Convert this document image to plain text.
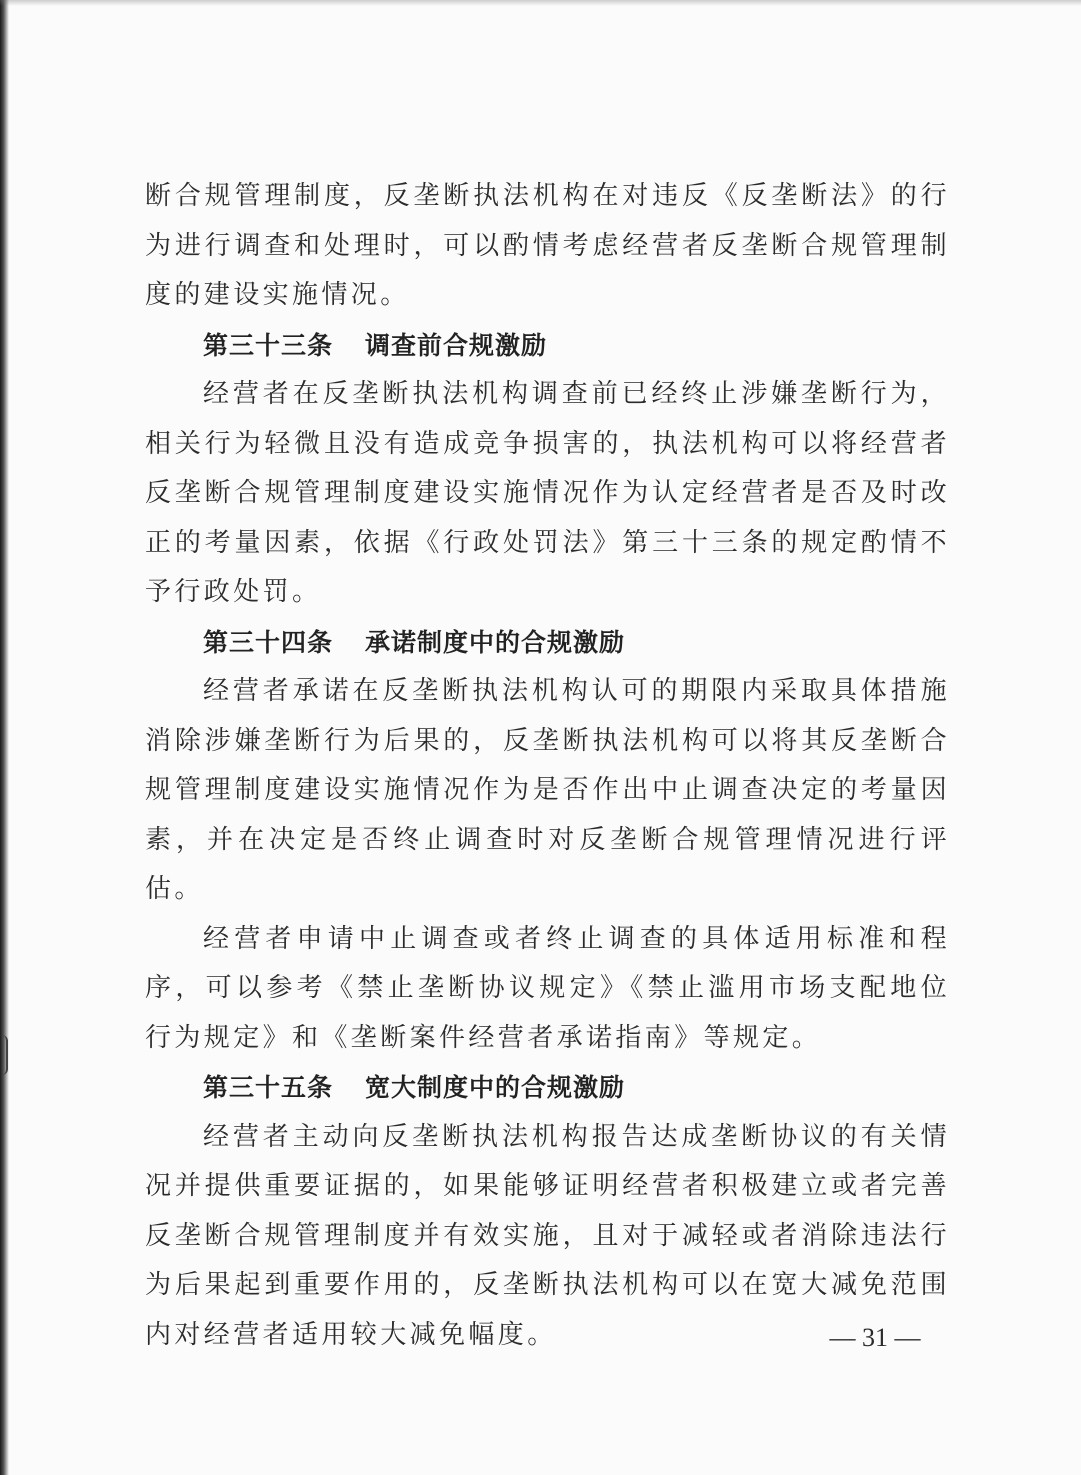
断合规管理制度，反垄断执法机构在对违反《反垄断法》的行为进行调查和处理时，可以酌情考虑经营者反垄断合规管理制度的建设实施情况。

第三十三条 调查前合规激励

经营者在反垄断执法机构调查前已经终止涉嫌垄断行为，相关行为轻微且没有造成竞争损害的，执法机构可以将经营者反垄断合规管理制度建设实施情况作为认定经营者是否及时改正的考量因素，依据《行政处罚法》第三十三条的规定酌情不予行政处罚。

第三十四条 承诺制度中的合规激励

经营者承诺在反垄断执法机构认可的期限内采取具体措施消除涉嫌垄断行为后果的，反垄断执法机构可以将其反垄断合规管理制度建设实施情况作为是否作出中止调查决定的考量因素，并在决定是否终止调查时对反垄断合规管理情况进行评估。

经营者申请中止调查或者终止调查的具体适用标准和程序，可以参考《禁止垄断协议规定》《禁止滥用市场支配地位行为规定》和《垄断案件经营者承诺指南》等规定。

第三十五条 宽大制度中的合规激励

经营者主动向反垄断执法机构报告达成垄断协议的有关情况并提供重要证据的，如果能够证明经营者积极建立或者完善反垄断合规管理制度并有效实施，且对于减轻或者消除违法行为后果起到重要作用的，反垄断执法机构可以在宽大减免范围内对经营者适用较大减免幅度。	— 31 —
